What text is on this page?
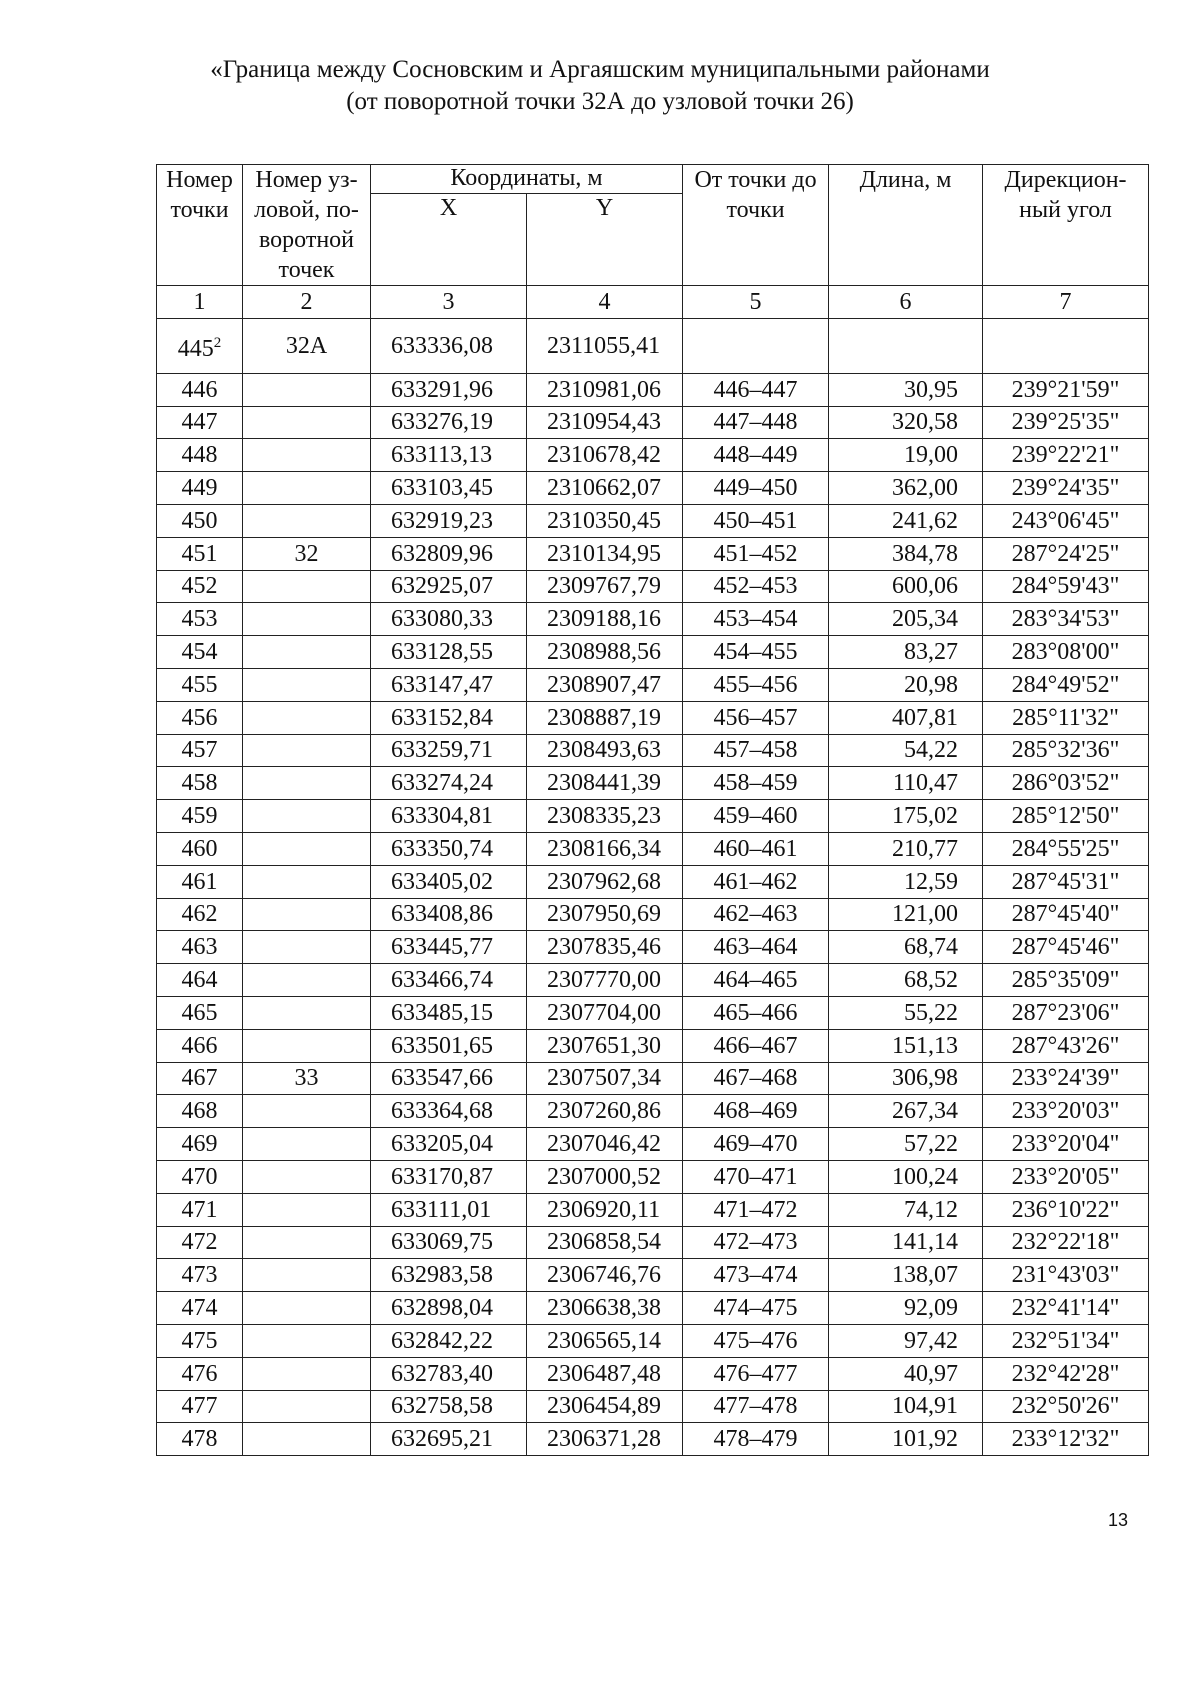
«Граница между Сосновским и Аргаяшским муниципальными районами
(от поворотной точки 32А до узловой точки 26)
Номер точки	Номер уз-ловой, по-воротной точек	Координаты, м		От точки до точки	Длина, м	Дирекцион-ный угол
		X	Y			
1	2	3	4	5	6	7
$445^2$	32А	633336,08	2311055,41			
446		633291,96	2310981,06	446–447	30,95	239°21'59"
447		633276,19	2310954,43	447–448	320,58	239°25'35"
448		633113,13	2310678,42	448–449	19,00	239°22'21"
449		633103,45	2310662,07	449–450	362,00	239°24'35"
450		632919,23	2310350,45	450–451	241,62	243°06'45"
451	32	632809,96	2310134,95	451–452	384,78	287°24'25"
452		632925,07	2309767,79	452–453	600,06	284°59'43"
453		633080,33	2309188,16	453–454	205,34	283°34'53"
454		633128,55	2308988,56	454–455	83,27	283°08'00"
455		633147,47	2308907,47	455–456	20,98	284°49'52"
456		633152,84	2308887,19	456–457	407,81	285°11'32"
457		633259,71	2308493,63	457–458	54,22	285°32'36"
458		633274,24	2308441,39	458–459	110,47	286°03'52"
459		633304,81	2308335,23	459–460	175,02	285°12'50"
460		633350,74	2308166,34	460–461	210,77	284°55'25"
461		633405,02	2307962,68	461–462	12,59	287°45'31"
462		633408,86	2307950,69	462–463	121,00	287°45'40"
463		633445,77	2307835,46	463–464	68,74	287°45'46"
464		633466,74	2307770,00	464–465	68,52	285°35'09"
465		633485,15	2307704,00	465–466	55,22	287°23'06"
466		633501,65	2307651,30	466–467	151,13	287°43'26"
467	33	633547,66	2307507,34	467–468	306,98	233°24'39"
468		633364,68	2307260,86	468–469	267,34	233°20'03"
469		633205,04	2307046,42	469–470	57,22	233°20'04"
470		633170,87	2307000,52	470–471	100,24	233°20'05"
471		633111,01	2306920,11	471–472	74,12	236°10'22"
472		633069,75	2306858,54	472–473	141,14	232°22'18"
473		632983,58	2306746,76	473–474	138,07	231°43'03"
474		632898,04	2306638,38	474–475	92,09	232°41'14"
475		632842,22	2306565,14	475–476	97,42	232°51'34"
476		632783,40	2306487,48	476–477	40,97	232°42'28"
477		632758,58	2306454,89	477–478	104,91	232°50'26"
478		632695,21	2306371,28	478–479	101,92	233°12'32"
13
